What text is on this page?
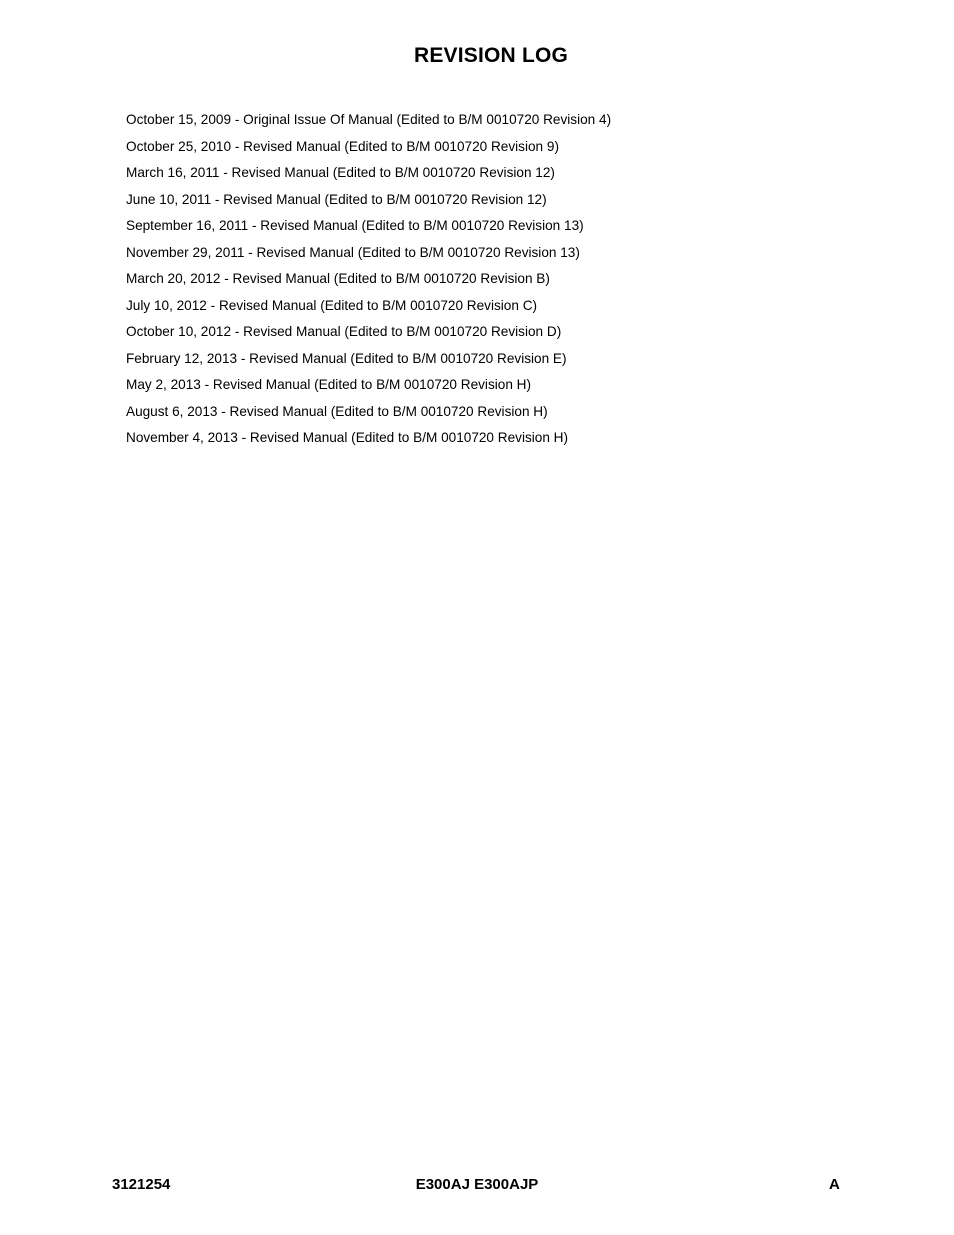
REVISION LOG
October 15, 2009 - Original Issue Of Manual (Edited to B/M 0010720 Revision 4)
October 25, 2010 - Revised Manual (Edited to B/M 0010720 Revision 9)
March 16, 2011 - Revised Manual (Edited to B/M 0010720 Revision 12)
June 10, 2011 - Revised Manual (Edited to B/M 0010720 Revision 12)
September 16, 2011 - Revised Manual (Edited to B/M 0010720 Revision 13)
November 29, 2011 - Revised Manual (Edited to B/M 0010720 Revision 13)
March 20, 2012 - Revised Manual (Edited to B/M 0010720 Revision B)
July 10, 2012 - Revised Manual (Edited to B/M 0010720 Revision C)
October 10, 2012 - Revised Manual (Edited to B/M 0010720 Revision D)
February 12, 2013 - Revised Manual (Edited to B/M 0010720 Revision E)
May 2, 2013 - Revised Manual (Edited to B/M 0010720 Revision H)
August 6, 2013 - Revised Manual (Edited to B/M 0010720 Revision H)
November 4, 2013 - Revised Manual (Edited to B/M 0010720 Revision H)
3121254	E300AJ E300AJP	A
